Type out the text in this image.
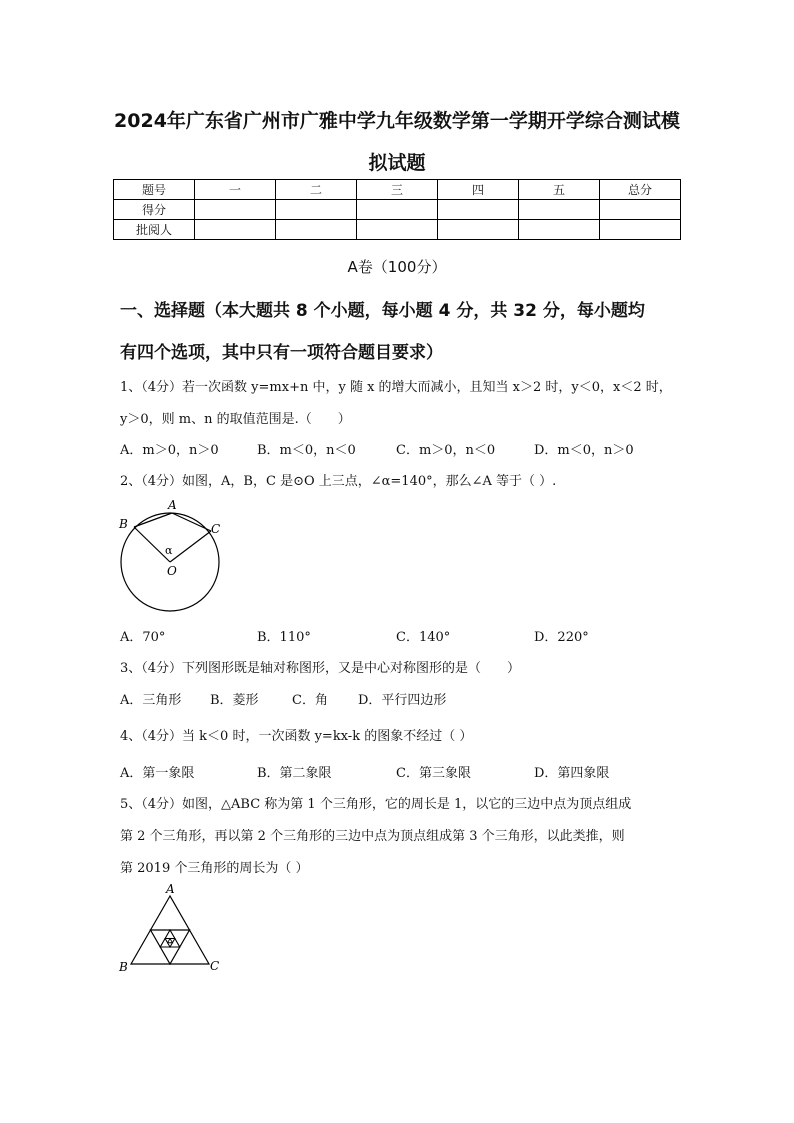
2024年广东省广州市广雅中学九年级数学第一学期开学综合测试模
拟试题
题号	一	二	三	四	五	总分
得分						
批阅人						
A卷（100分）
一、选择题（本大题共 8 个小题，每小题 4 分，共 32 分，每小题均
有四个选项，其中只有一项符合题目要求）
1、（4分）若一次函数 y=mx+n 中，y 随 x 的增大而减小，且知当 x＞2 时，y＜0，x＜2 时，
y＞0，则 m、n 的取值范围是.（　　）
A．m＞0，n＞0	B．m＜0，n＜0	C．m＞0，n＜0	D．m＜0，n＞0
2、（4分）如图，A，B，C 是⊙O 上三点，∠α=140°，那么∠A 等于（ ）.
A
B	C
O
α
A．70°	B．110°	C．140°	D．220°
3、（4分）下列图形既是轴对称图形，又是中心对称图形的是（　　）
A．三角形 B．菱形	C．角 D．平行四边形
4、（4分）当 k＜0 时，一次函数 y=kx-k 的图象不经过（ ）
A．第一象限	B．第二象限	C．第三象限	D．第四象限
5、（4分）如图，△ABC 称为第 1 个三角形，它的周长是 1，以它的三边中点为顶点组成
第 2 个三角形，再以第 2 个三角形的三边中点为顶点组成第 3 个三角形，以此类推，则
第 2019 个三角形的周长为（ ）
A
B	C
